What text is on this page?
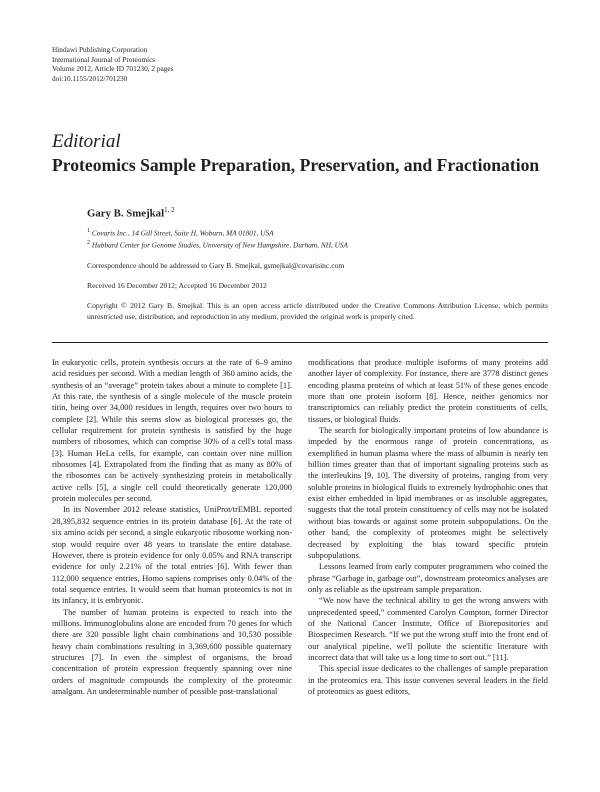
Hindawi Publishing Corporation
International Journal of Proteomics
Volume 2012, Article ID 701230, 2 pages
doi:10.1155/2012/701230
Editorial
Proteomics Sample Preparation, Preservation, and Fractionation
Gary B. Smejkal$^{1, 2}$
$^1$ Covaris Inc., 14 Gill Street, Suite H, Woburn, MA 01801, USA
$^2$ Hubbard Center for Genome Studies, University of New Hampshire, Durham, NH, USA
Correspondence should be addressed to Gary B. Smejkal, gsmejkal@covarisinc.com
Received 16 December 2012; Accepted 16 December 2012
Copyright © 2012 Gary B. Smejkal. This is an open access article distributed under the Creative Commons Attribution License, which permits unrestricted use, distribution, and reproduction in any medium, provided the original work is properly cited.

In eukaryotic cells, protein synthesis occurs at the rate of 6–9 amino acid residues per second. With a median length of 360 amino acids, the synthesis of an “average” protein takes about a minute to complete [1]. At this rate, the synthesis of a single molecule of the muscle protein titin, being over 34,000 residues in length, requires over two hours to complete [2]. While this seems slow as biological processes go, the cellular requirement for protein synthesis is satisfied by the huge numbers of ribosomes, which can comprise 30% of a cell's total mass [3]. Human HeLa cells, for example, can contain over nine million ribosomes [4]. Extrapolated from the finding that as many as 80% of the ribosomes can be actively synthesizing protein in metabolically active cells [5], a single cell could theoretically generate 120,000 protein molecules per second.

In its November 2012 release statistics, UniProt/trEMBL reported 28,395,832 sequence entries in its protein database [6]. At the rate of six amino acids per second, a single eukaryotic ribosome working non-stop would require over 48 years to translate the entire database. However, there is protein evidence for only 0.05% and RNA transcript evidence for only 2.21% of the total entries [6]. With fewer than 112,000 sequence entries, Homo sapiens comprises only 0.04% of the total sequence entries. It would seem that human proteomics is not in its infancy, it is embryonic.

The number of human proteins is expected to reach into the millions. Immunoglobulins alone are encoded from 70 genes for which there are 320 possible light chain combinations and 10,530 possible heavy chain combinations resulting in 3,369,600 possible quaternary structures [7]. In even the simplest of organisms, the broad concentration of protein expression frequently spanning over nine orders of magnitude compounds the complexity of the proteomic amalgam. An undeterminable number of possible post-translational

modifications that produce multiple isoforms of many proteins add another layer of complexity. For instance, there are 3778 distinct genes encoding plasma proteins of which at least 51% of these genes encode more than one protein isoform [8]. Hence, neither genomics nor transcriptomics can reliably predict the protein constituents of cells, tissues, or biological fluids.

The search for biologically important proteins of low abundance is impeded by the enormous range of protein concentrations, as exemplified in human plasma where the mass of albumin is nearly ten billion times greater than that of important signaling proteins such as the interleukins [9, 10]. The diversity of proteins, ranging from very soluble proteins in biological fluids to extremely hydrophobic ones that exist either embedded in lipid membranes or as insoluble aggregates, suggests that the total protein constituency of cells may not be isolated without bias towards or against some protein subpopulations. On the other hand, the complexity of proteomes might be selectively decreased by exploiting the bias toward specific protein subpopulations.

Lessons learned from early computer programmers who coined the phrase “Garbage in, garbage out”, downstream proteomics analyses are only as reliable as the upstream sample preparation.

“We now have the technical ability to get the wrong answers with unprecedented speed,” commented Carolyn Compton, former Director of the National Cancer Institute, Office of Biorepositories and Biospecimen Research. “If we put the wrong stuff into the front end of our analytical pipeline, we'll pollute the scientific literature with incorrect data that will take us a long time to sort out.” [11].

This special issue dedicates to the challenges of sample preparation in the proteomics era. This issue convenes several leaders in the field of proteomics as guest editors,
